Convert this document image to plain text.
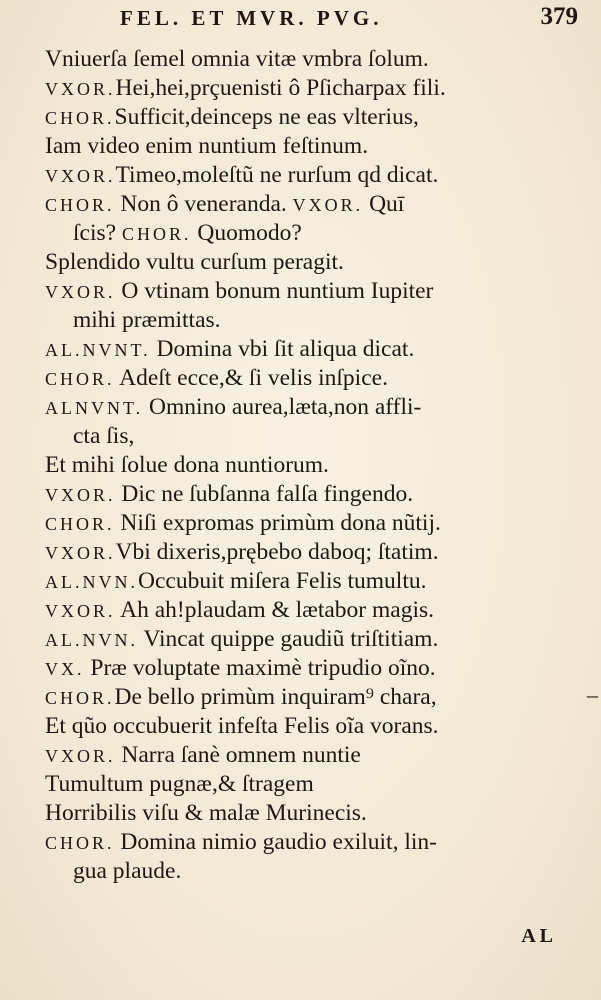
FEL. ET MVR. PVG.	379
Vniuerſa ſemel omnia vitæ vmbra ſolum.
VXOR.Hei,hei,prçuenisti ô Pſicharpax fili.
CHOR.Sufficit,deinceps ne eas vlterius,
Iam video enim nuntium feſtinum.
VXOR.Timeo,moleſtũ ne rurſum qd dicat.
CHOR. Non ô veneranda. VXOR. Quī
ſcis? CHOR. Quomodo?
Splendido vultu curſum peragit.
VXOR. O vtinam bonum nuntium Iupiter
mihi præmittas.
AL.NVNT. Domina vbi ſit aliqua dicat.
CHOR. Adeſt ecce,& ſi velis inſpice.
ALNVNT. Omnino aurea,læta,non affli-
cta ſis,
Et mihi ſolue dona nuntiorum.
VXOR. Dic ne ſubſanna falſa fingendo.
CHOR. Niſi expromas primùm dona nũtij.
VXOR.Vbi dixeris,prębebo daboq; ſtatim.
AL.NVN.Occubuit miſera Felis tumultu.
VXOR. Ah ah!plaudam & lætabor magis.
AL.NVN. Vincat quippe gaudiũ triſtitiam.
VX. Præ voluptate maximè tripudio oĩno.
CHOR.De bello primùm inquiram⁹ chara,
Et qũo occubuerit infeſta Felis oĩa vorans.
VXOR. Narra ſanè omnem nuntie
Tumultum pugnæ,& ſtragem
Horribilis viſu & malæ Murinecis.
CHOR. Domina nimio gaudio exiluit, lin-
gua plaude.
–
A L
